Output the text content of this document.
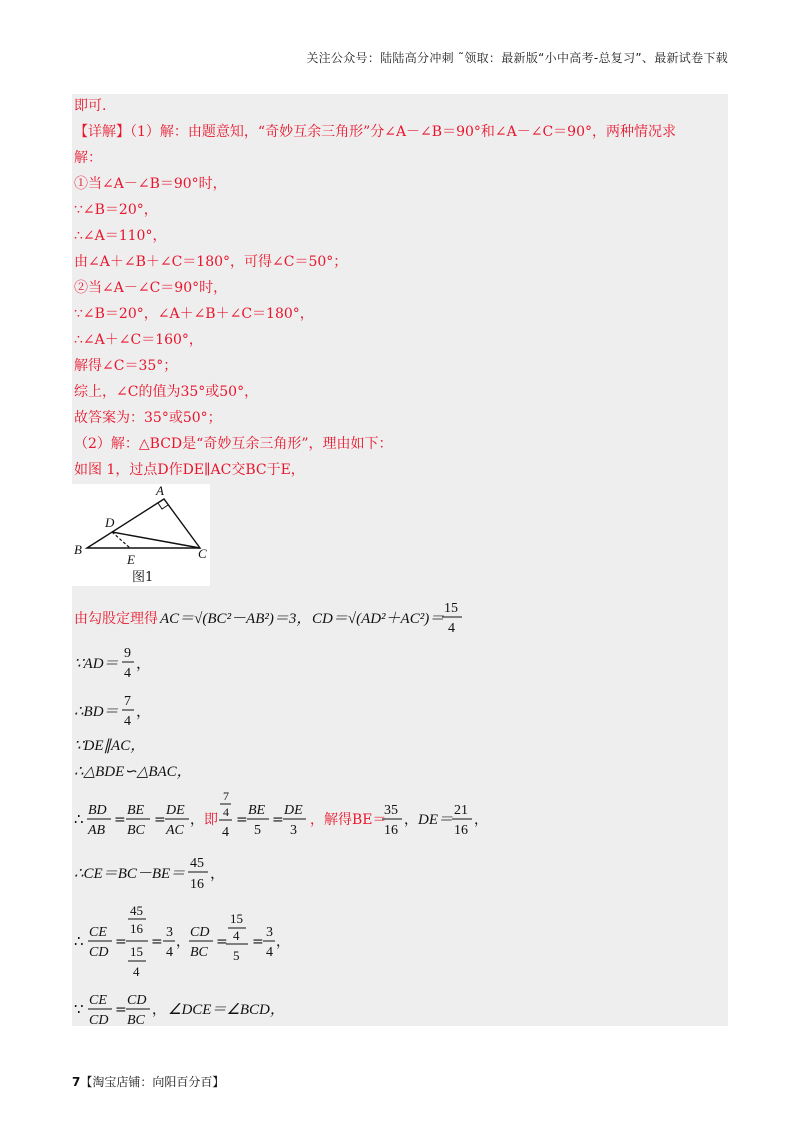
关注公众号：陆陆高分冲刺 ˜领取：最新版“小中高考-总复习”、最新试卷下载
即可.
【详解】（1）解：由题意知，“奇妙互余三角形”分∠A－∠B＝90°和∠A－∠C＝90°，两种情况求
解：
①当∠A－∠B＝90°时，
∵∠B＝20°，
∴∠A＝110°，
由∠A＋∠B＋∠C＝180°，可得∠C＝50°；
②当∠A－∠C＝90°时，
∵∠B＝20°，∠A＋∠B＋∠C＝180°，
∴∠A＋∠C＝160°，
解得∠C＝35°；
综上，∠C的值为35°或50°，
故答案为：35°或50°；
（2）解：△BCD是“奇妙互余三角形”，理由如下：
如图 1，过点D作DE∥AC交BC于E，
A
B	C
D
E
图1
由勾股定理得 AC＝√(BC²－AB²)＝3， CD＝√(AD²＋AC²)＝
15
4
∵AD＝
9
4
，
∴BD＝
7
4
，
∵DE∥AC，
∴△BDE∽△BAC，
∴ BD
AB
=
BE
BC
=
DE
AC
， 即
7
4
4
=
BE
5
=
DE
3
，解得BE＝
35
16
， DE＝
21
16
，
∴CE＝BC－BE＝
45
16
，
∴ CE
CD
=
45
16
15
4
=
3
4
，
CD
BC
=
15
4
5
=
3
4
，
∵ CE
CD
=
CD
BC
， ∠DCE＝∠BCD，
7【淘宝店铺：向阳百分百】
